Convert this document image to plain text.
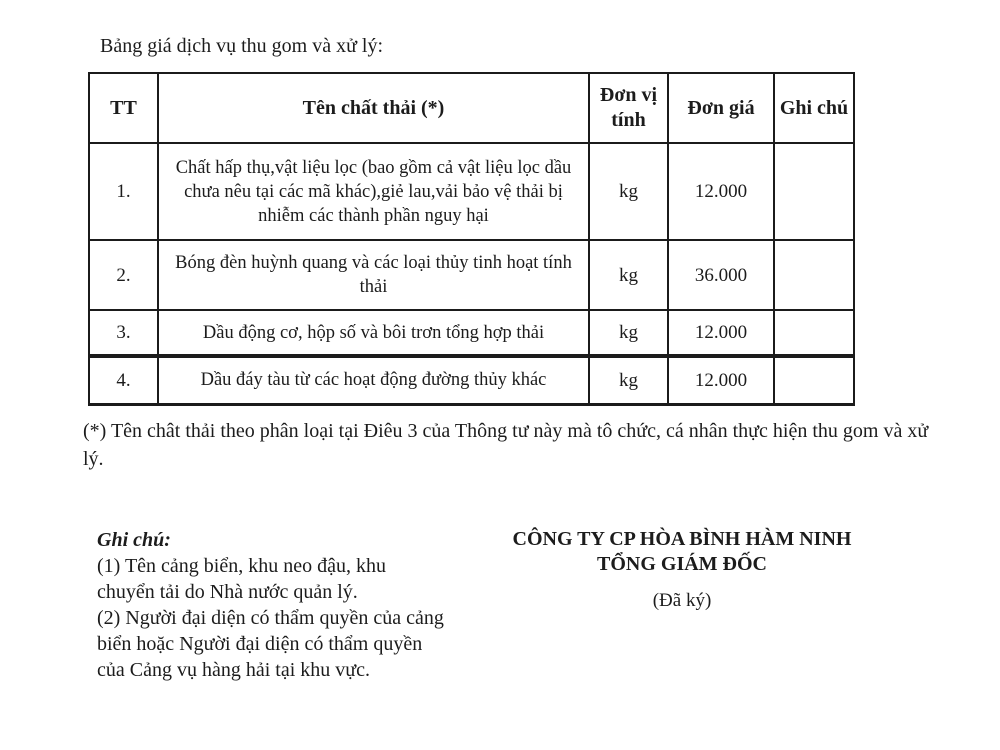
Bảng giá dịch vụ thu gom và xử lý:
TT	Tên chất thải (*)	Đơn vị tính	Đơn giá	Ghi chú
1.	Chất hấp thụ,vật liệu lọc (bao gồm cả vật liệu lọc dầu chưa nêu tại các mã khác),giẻ lau,vải bảo vệ thải bị nhiễm các thành phần nguy hại	kg	12.000	
2.	Bóng đèn huỳnh quang và các loại thủy tinh hoạt tính thải	kg	36.000	
3.	Dầu động cơ, hộp số và bôi trơn tổng hợp thải	kg	12.000	
4.	Dầu đáy tàu từ các hoạt động đường thủy khác	kg	12.000	
(*) Tên chât thải theo phân loại tại Điêu 3 của Thông tư này mà tô chức, cá nhân thực hiện thu gom và xử lý.
Ghi chú:
(1) Tên cảng biển, khu neo đậu, khu chuyển tải do Nhà nước quản lý.
(2) Người đại diện có thẩm quyền của cảng biển hoặc Người đại diện có thẩm quyền của Cảng vụ hàng hải tại khu vực.
CÔNG TY CP HÒA BÌNH HÀM NINH
TỔNG GIÁM ĐỐC
(Đã ký)
